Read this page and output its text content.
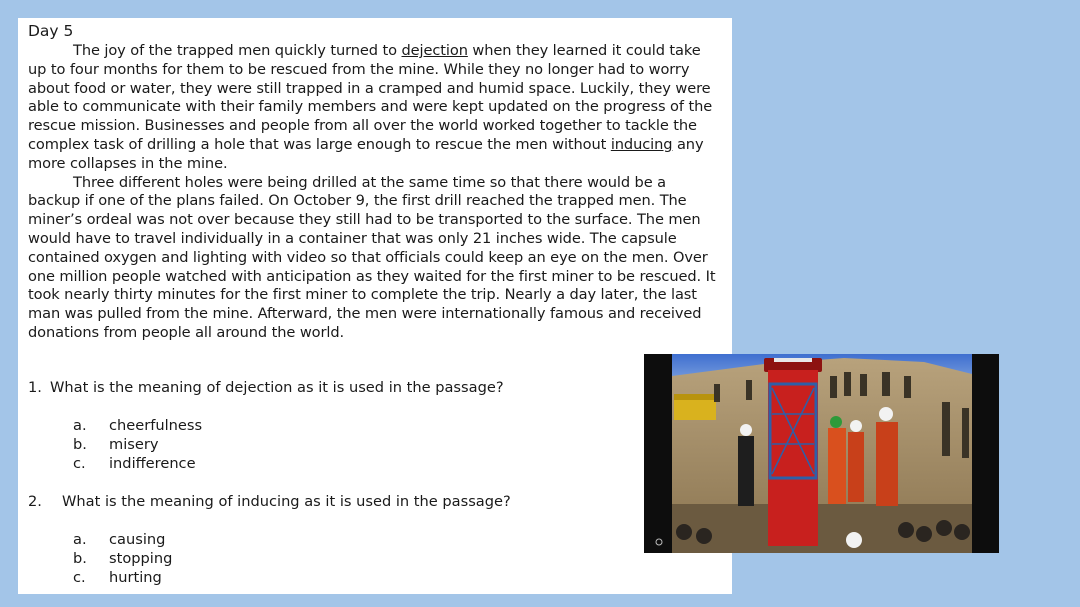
Day 5

The joy of the trapped men quickly turned to dejection when they learned it could take up to four months for them to be rescued from the mine. While they no longer had to worry about food or water, they were still trapped in a cramped and humid space. Luckily, they were able to communicate with their family members and were kept updated on the progress of the rescue mission. Businesses and people from all over the world worked together to tackle the complex task of drilling a hole that was large enough to rescue the men without inducing any more collapses in the mine.

Three different holes were being drilled at the same time so that there would be a backup if one of the plans failed. On October 9, the first drill reached the trapped men. The miner’s ordeal was not over because they still had to be transported to the surface. The men would have to travel individually in a container that was only 21 inches wide. The capsule contained oxygen and lighting with video so that officials could keep an eye on the men. Over one million people watched with anticipation as they waited for the first miner to be rescued. It took nearly thirty minutes for the first miner to complete the trip. Nearly a day later, the last man was pulled from the mine. Afterward, the men were internationally famous and received donations from people all around the world.

1. What is the meaning of dejection as it is used in the passage?
a. cheerfulness
b. misery
c. indifference
2. What is the meaning of inducing as it is used in the passage?
a. causing
b. stopping
c. hurting
